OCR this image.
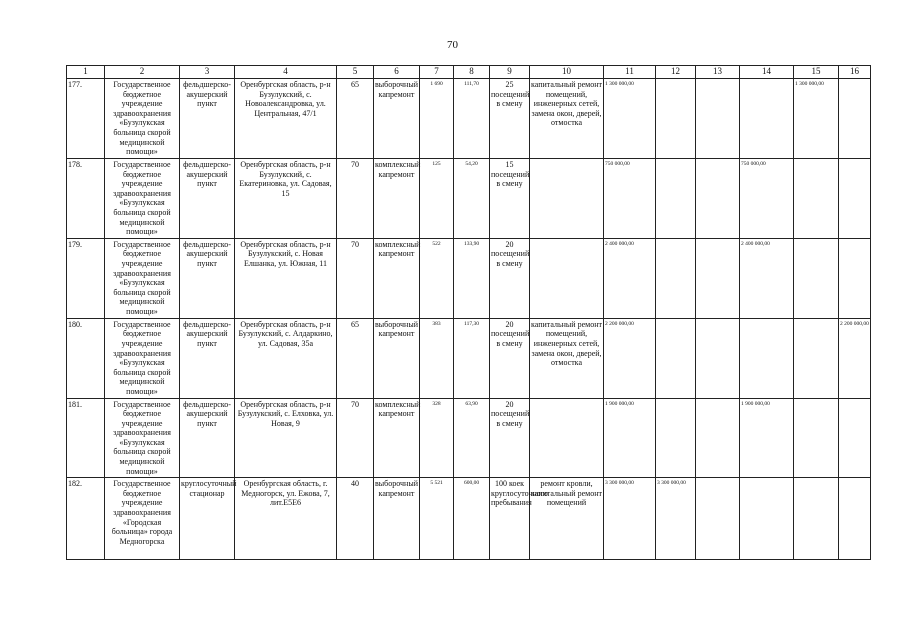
70
1	2	3	4	5	6	7	8	9	10	11	12	13	14	15	16
177.	Государственное бюджетное учреждение здравоохранения «Бузулукская больница скорой медицинской помощи»	фельдшерско-акушерский пункт	Оренбургская область, р-н Бузулукский, с. Новоалександровка, ул. Центральная, 47/1	65	выборочный капремонт	1 690	111,70	25 посещений в смену	капитальный ремонт помещений, инженерных сетей, замена окон, дверей, отмостка	1 300 000,00				1 300 000,00	
178.	Государственное бюджетное учреждение здравоохранения «Бузулукская больница скорой медицинской помощи»	фельдшерско-акушерский пункт	Оренбургская область, р-н Бузулукский, с. Екатериновка, ул. Садовая, 15	70	комплексный капремонт	125	54,20	15 посещений в смену		750 000,00			750 000,00		
179.	Государственное бюджетное учреждение здравоохранения «Бузулукская больница скорой медицинской помощи»	фельдшерско-акушерский пункт	Оренбургская область, р-н Бузулукский, с. Новая Елшанка, ул. Южная, 11	70	комплексный капремонт	522	133,90	20 посещений в смену		2 400 000,00			2 400 000,00		
180.	Государственное бюджетное учреждение здравоохранения «Бузулукская больница скорой медицинской помощи»	фельдшерско-акушерский пункт	Оренбургская область, р-н Бузулукский, с. Алдаркино, ул. Садовая, 35а	65	выборочный капремонт	383	117,30	20 посещений в смену	капитальный ремонт помещений, инженерных сетей, замена окон, дверей, отмостка	2 200 000,00					2 200 000,00
181.	Государственное бюджетное учреждение здравоохранения «Бузулукская больница скорой медицинской помощи»	фельдшерско-акушерский пункт	Оренбургская область, р-н Бузулукский, с. Елховка, ул. Новая, 9	70	комплексный капремонт	328	63,90	20 посещений в смену		1 900 000,00			1 900 000,00		
182.	Государственное бюджетное учреждение здравоохранения «Городская больница» города Медногорска	круглосуточный стационар	Оренбургская область, г. Медногорск, ул. Ежова, 7, лит.Е5Е6	40	выборочный капремонт	5 521	600,00	100 коек круглосуточного пребывания	ремонт кровли, капитальный ремонт помещений	3 300 000,00	3 300 000,00				
